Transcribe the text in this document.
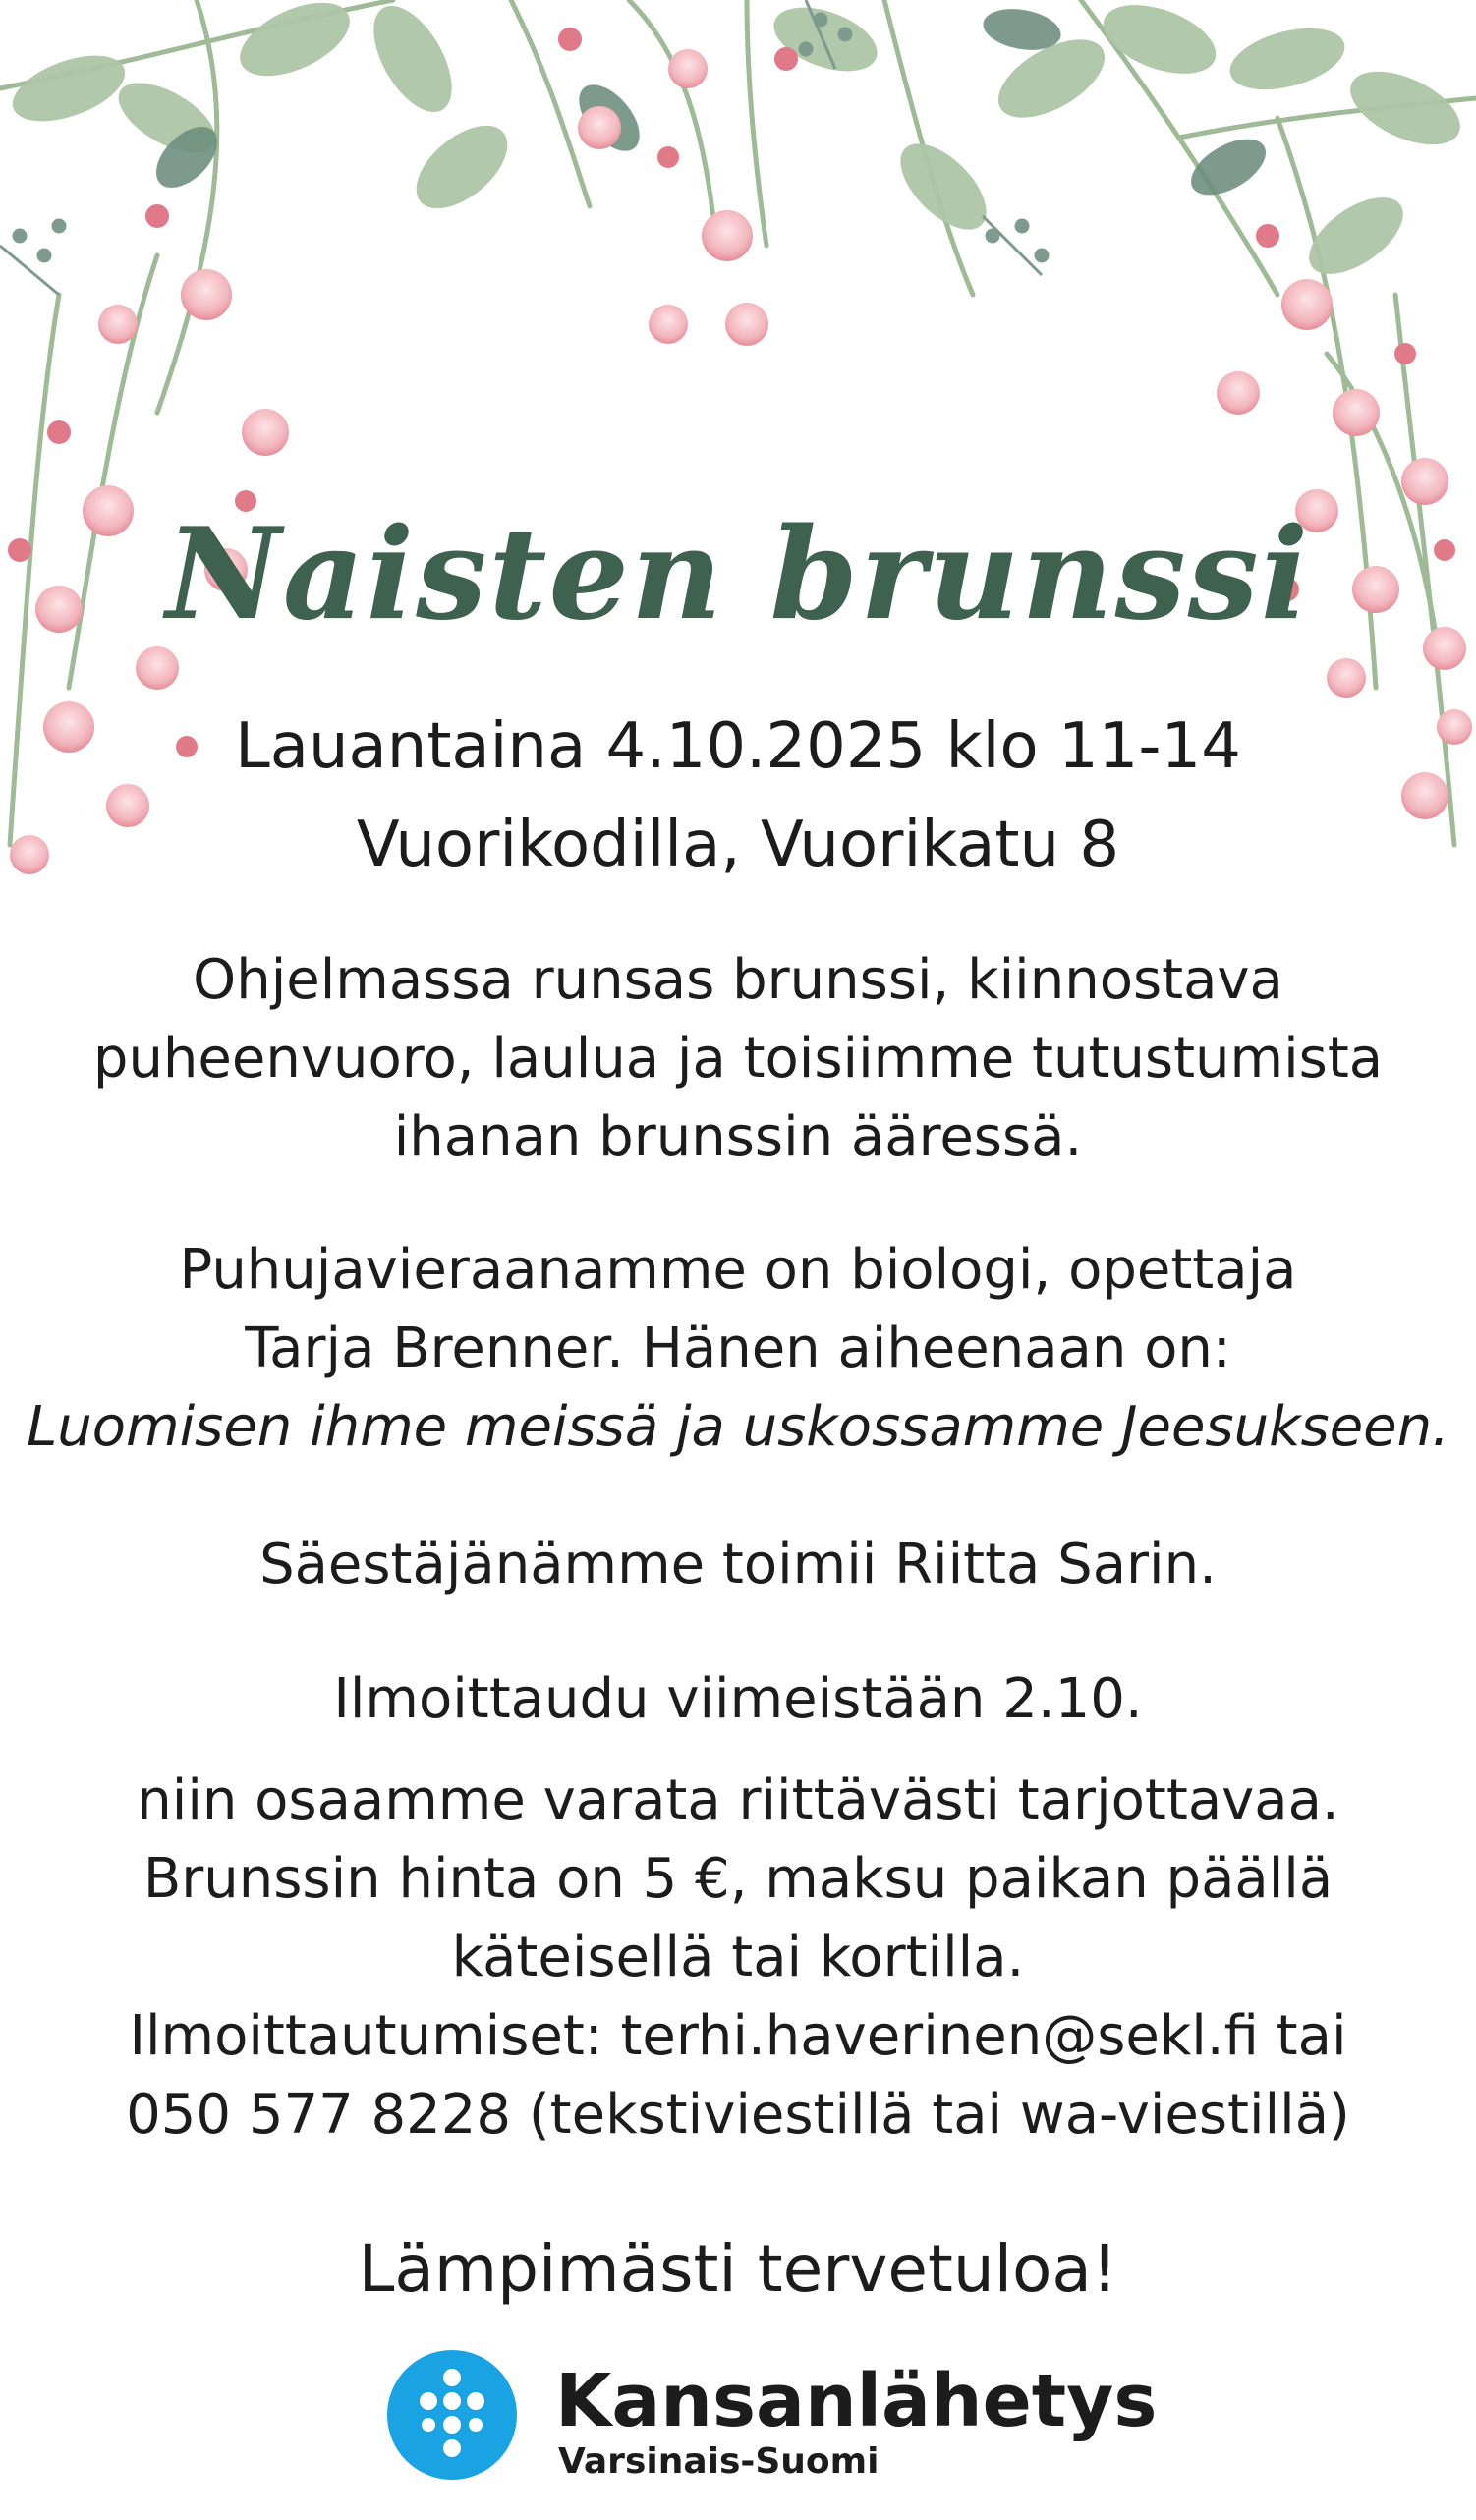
Naisten brunssi
Lauantaina 4.10.2025 klo 11-14
Vuorikodilla, Vuorikatu 8
Ohjelmassa runsas brunssi, kiinnostava
puheenvuoro, laulua ja toisiimme tutustumista
ihanan brunssin ääressä.
Puhujavieraanamme on biologi, opettaja
Tarja Brenner. Hänen aiheenaan on:
Luomisen ihme meissä ja uskossamme Jeesukseen.
Säestäjänämme toimii Riitta Sarin.
Ilmoittaudu viimeistään 2.10.
niin osaamme varata riittävästi tarjottavaa.
Brunssin hinta on 5 €, maksu paikan päällä
käteisellä tai kortilla.
Ilmoittautumiset: terhi.haverinen@sekl.fi tai
050 577 8228 (tekstiviestillä tai wa-viestillä)
Lämpimästi tervetuloa!
Kansanlähetys
Varsinais-Suomi
